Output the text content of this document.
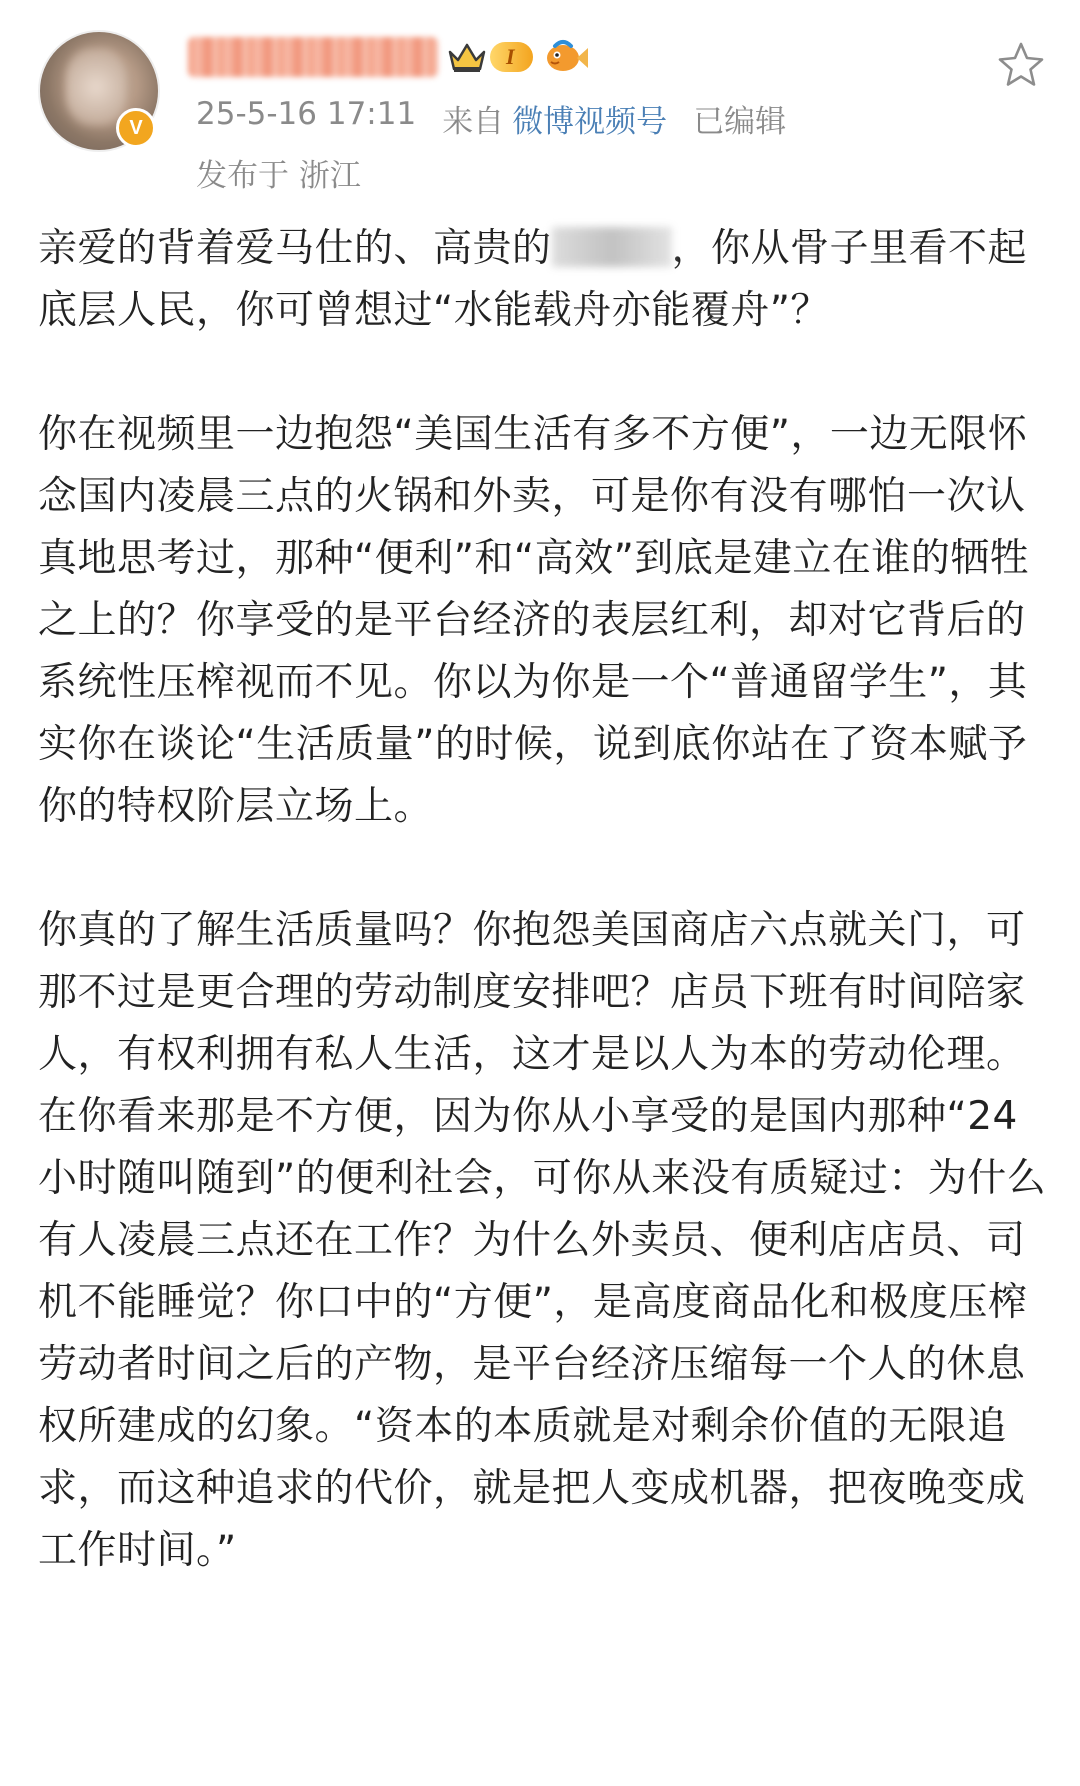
V
I
25-5-16 17:11 来自 微博视频号 已编辑
发布于 浙江

亲爱的背着爱马仕的、高贵的	，你从骨子里看不起底层人民，你可曾想过“水能载舟亦能覆舟”？

你在视频里一边抱怨“美国生活有多不方便”，一边无限怀念国内凌晨三点的火锅和外卖，可是你有没有哪怕一次认真地思考过，那种“便利”和“高效”到底是建立在谁的牺牲之上的？你享受的是平台经济的表层红利，却对它背后的系统性压榨视而不见。你以为你是一个“普通留学生”，其实你在谈论“生活质量”的时候，说到底你站在了资本赋予你的特权阶层立场上。

你真的了解生活质量吗？你抱怨美国商店六点就关门，可那不过是更合理的劳动制度安排吧？店员下班有时间陪家人，有权利拥有私人生活，这才是以人为本的劳动伦理。在你看来那是不方便，因为你从小享受的是国内那种“24小时随叫随到”的便利社会，可你从来没有质疑过：为什么有人凌晨三点还在工作？为什么外卖员、便利店店员、司机不能睡觉？你口中的“方便”，是高度商品化和极度压榨劳动者时间之后的产物，是平台经济压缩每一个人的休息权所建成的幻象。“资本的本质就是对剩余价值的无限追求，而这种追求的代价，就是把人变成机器，把夜晚变成工作时间。”
